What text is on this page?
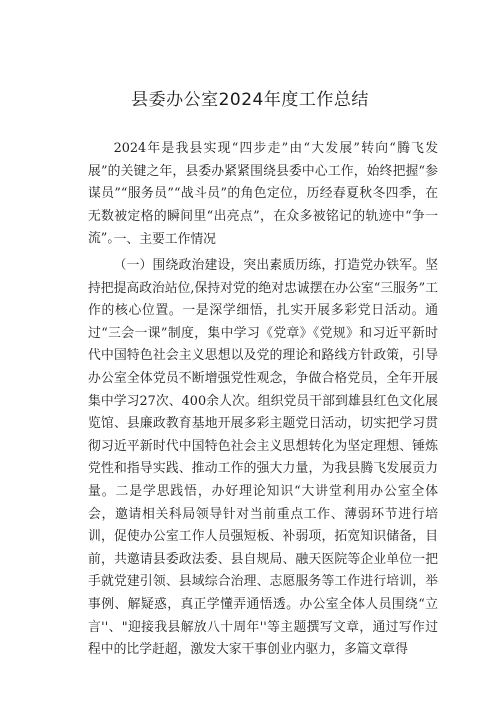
县委办公室2024年度工作总结

2024年是我县实现“四步走”由“大发展”转向“腾飞发展”的关键之年，县委办紧紧围绕县委中心工作，始终把握“参谋员”“服务员”“战斗员”的角色定位，历经春夏秋冬四季，在无数被定格的瞬间里“出亮点”，在众多被铭记的轨迹中“争一流”。

一、主要工作情况

（一）围绕政治建设，突出素质历练，打造党办铁军。坚持把提高政治站位,保持对党的绝对忠诚摆在办公室“三服务”工作的核心位置。一是深学细悟，扎实开展多彩党日活动。通过“三会一课”制度，集中学习《党章》《党规》和习近平新时代中国特色社会主义思想以及党的理论和路线方针政策，引导办公室全体党员不断增强党性观念，争做合格党员，全年开展集中学习27次、400余人次。组织党员干部到雄县红色文化展览馆、县廉政教育基地开展多彩主题党日活动，切实把学习贯彻习近平新时代中国特色社会主义思想转化为坚定理想、锤炼党性和指导实践、推动工作的强大力量，为我县腾飞发展贡力量。二是学思践悟，办好理论知识“大讲堂利用办公室全体会，邀请相关科局领导针对当前重点工作、薄弱环节进行培训，促使办公室工作人员强短板、补弱项，拓宽知识储备，目前，共邀请县委政法委、县自规局、融天医院等企业单位一把手就党建引领、县域综合治理、志愿服务等工作进行培训，举事例、解疑惑，真正学懂弄通悟透。办公室全体人员围绕“立言''、"迎接我县解放八十周年''等主题撰写文章，通过写作过程中的比学赶超，激发大家干事创业内驱力，多篇文章得
